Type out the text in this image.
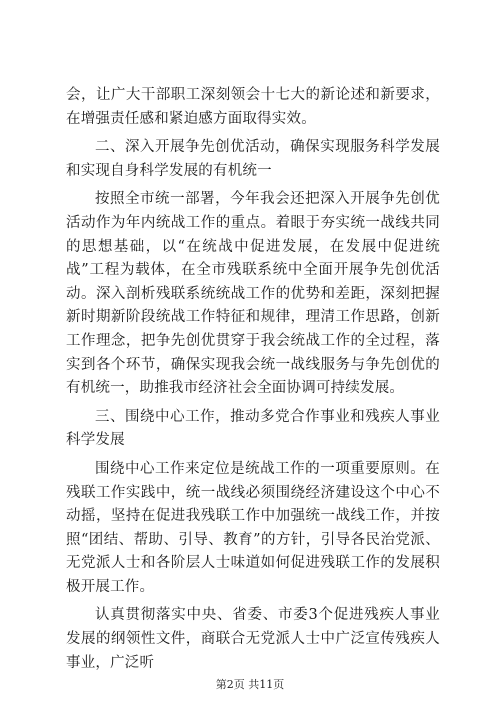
会，让广大干部职工深刻领会十七大的新论述和新要求，在增强责任感和紧迫感方面取得实效。

二、深入开展争先创优活动，确保实现服务科学发展和实现自身科学发展的有机统一

按照全市统一部署，今年我会还把深入开展争先创优活动作为年内统战工作的重点。着眼于夯实统一战线共同的思想基础，以“在统战中促进发展，在发展中促进统战”工程为载体，在全市残联系统中全面开展争先创优活动。深入剖析残联系统统战工作的优势和差距，深刻把握新时期新阶段统战工作特征和规律，理清工作思路，创新工作理念，把争先创优贯穿于我会统战工作的全过程，落实到各个环节，确保实现我会统一战线服务与争先创优的有机统一，助推我市经济社会全面协调可持续发展。

三、围绕中心工作，推动多党合作事业和残疾人事业科学发展

围绕中心工作来定位是统战工作的一项重要原则。在残联工作实践中，统一战线必须围绕经济建设这个中心不动摇，坚持在促进我残联工作中加强统一战线工作，并按照“团结、帮助、引导、教育”的方针，引导各民治党派、无党派人士和各阶层人士味道如何促进残联工作的发展积极开展工作。

认真贯彻落实中央、省委、市委3个促进残疾人事业发展的纲领性文件，商联合无党派人士中广泛宣传残疾人事业，广泛听

第2页 共11页
